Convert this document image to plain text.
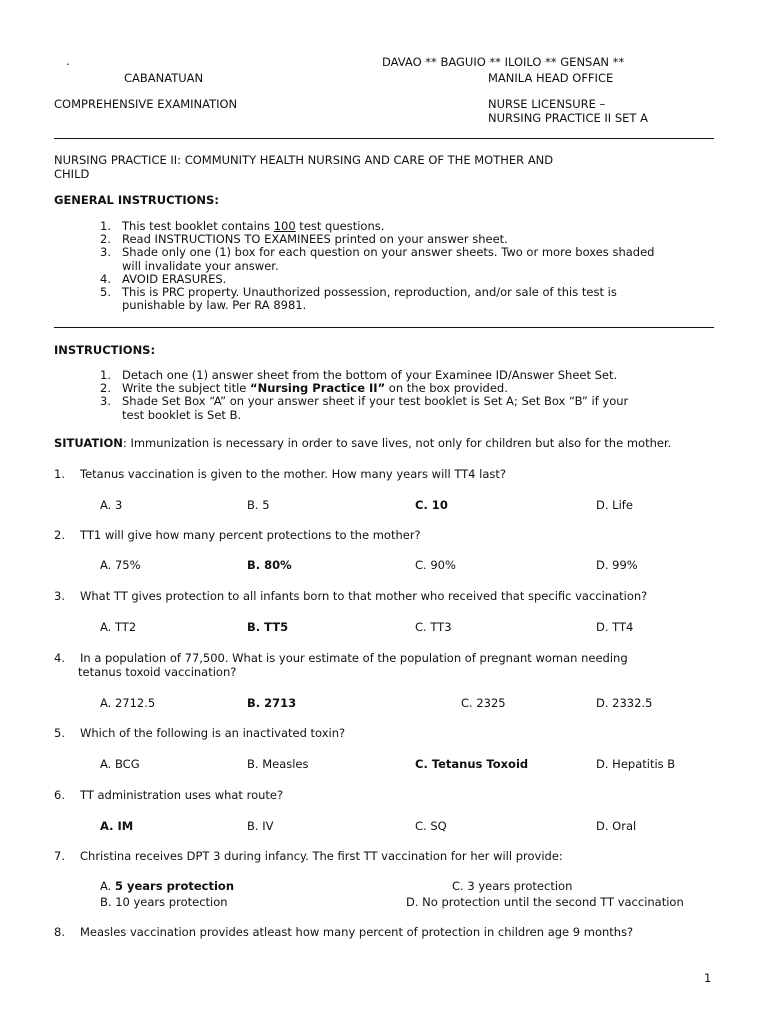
.	DAVAO ** BAGUIO ** ILOILO ** GENSAN **
CABANATUAN	MANILA HEAD OFFICE
COMPREHENSIVE EXAMINATION	NURSE LICENSURE –
NURSING PRACTICE II SET A
NURSING PRACTICE II: COMMUNITY HEALTH NURSING AND CARE OF THE MOTHER AND
CHILD
GENERAL INSTRUCTIONS:
1. This test booklet contains 100 test questions.
2. Read INSTRUCTIONS TO EXAMINEES printed on your answer sheet.
3. Shade only one (1) box for each question on your answer sheets. Two or more boxes shaded
will invalidate your answer.
4. AVOID ERASURES.
5. This is PRC property. Unauthorized possession, reproduction, and/or sale of this test is
punishable by law. Per RA 8981.
INSTRUCTIONS:
1. Detach one (1) answer sheet from the bottom of your Examinee ID/Answer Sheet Set.
2. Write the subject title “Nursing Practice II” on the box provided.
3. Shade Set Box “A” on your answer sheet if your test booklet is Set A; Set Box “B” if your
test booklet is Set B.
SITUATION: Immunization is necessary in order to save lives, not only for children but also for the mother.
1. Tetanus vaccination is given to the mother. How many years will TT4 last?
A. 3	B. 5	C. 10	D. Life
2. TT1 will give how many percent protections to the mother?
A. 75%	B. 80%	C. 90%	D. 99%
3. What TT gives protection to all infants born to that mother who received that specific vaccination?
A. TT2	B. TT5	C. TT3	D. TT4
4. In a population of 77,500. What is your estimate of the population of pregnant woman needing
tetanus toxoid vaccination?
A. 2712.5	B. 2713	C. 2325	D. 2332.5
5. Which of the following is an inactivated toxin?
A. BCG	B. Measles	C. Tetanus Toxoid	D. Hepatitis B
6. TT administration uses what route?
A. IM	B. IV	C. SQ	D. Oral
7. Christina receives DPT 3 during infancy. The first TT vaccination for her will provide:
A. 5 years protection	C. 3 years protection
B. 10 years protection	D. No protection until the second TT vaccination
8. Measles vaccination provides atleast how many percent of protection in children age 9 months?
1
